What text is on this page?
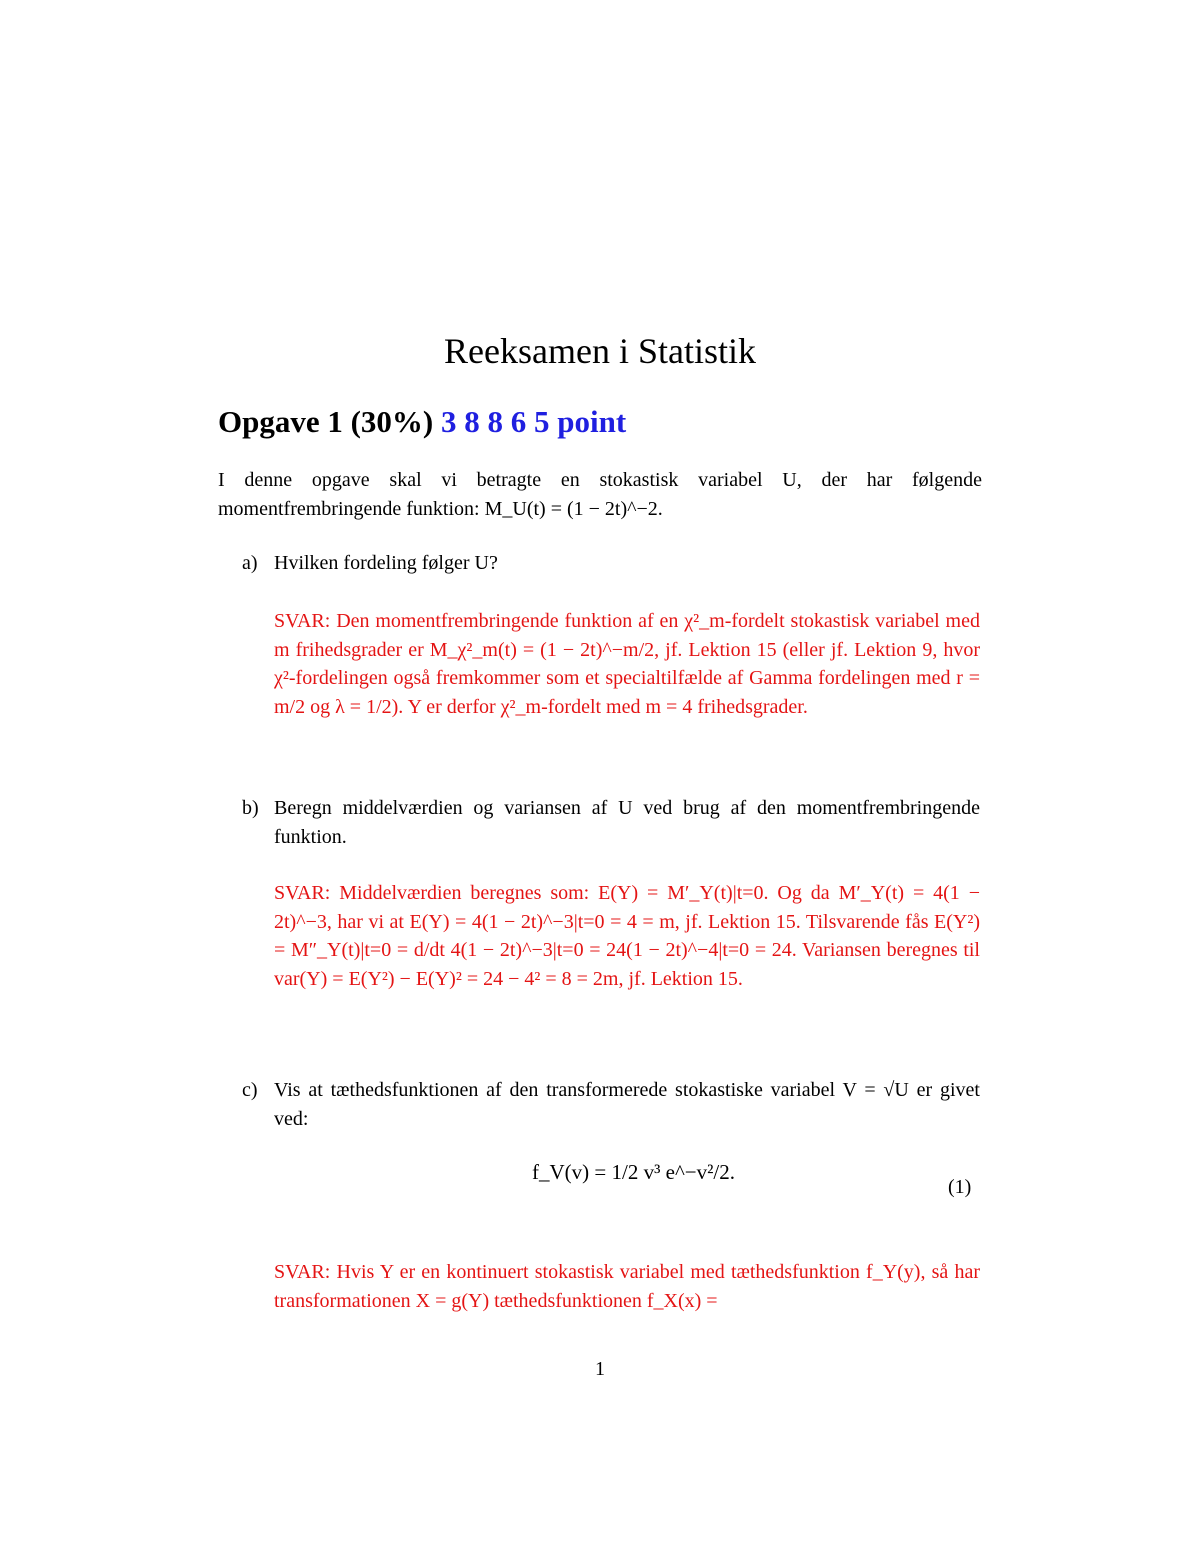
Reeksamen i Statistik
Opgave 1 (30%) 3 8 8 6 5 point
I denne opgave skal vi betragte en stokastisk variabel U, der har følgende momentfrembringende funktion: M_U(t) = (1 − 2t)^−2.
a) Hvilken fordeling følger U?
SVAR: Den momentfrembringende funktion af en χ²_m-fordelt stokastisk variabel med m frihedsgrader er M_χ²_m(t) = (1 − 2t)^−m/2, jf. Lektion 15 (eller jf. Lektion 9, hvor χ²-fordelingen også fremkommer som et specialtilfælde af Gamma fordelingen med r = m/2 og λ = 1/2). Y er derfor χ²_m-fordelt med m = 4 frihedsgrader.
b) Beregn middelværdien og variansen af U ved brug af den momentfrembringende funktion.
SVAR: Middelværdien beregnes som: E(Y) = M′_Y(t)|t=0. Og da M′_Y(t) = 4(1 − 2t)^−3, har vi at E(Y) = 4(1 − 2t)^−3|t=0 = 4 = m, jf. Lektion 15. Tilsvarende fås E(Y²) = M″_Y(t)|t=0 = d/dt 4(1 − 2t)^−3|t=0 = 24(1 − 2t)^−4|t=0 = 24. Variansen beregnes til var(Y) = E(Y²) − E(Y)² = 24 − 4² = 8 = 2m, jf. Lektion 15.
c) Vis at tæthedsfunktionen af den transformerede stokastiske variabel V = √U er givet ved:
f_V(v) = 1/2 v³ e^−v²/2.
(1)
SVAR: Hvis Y er en kontinuert stokastisk variabel med tæthedsfunktion f_Y(y), så har transformationen X = g(Y) tæthedsfunktionen f_X(x) =
1
